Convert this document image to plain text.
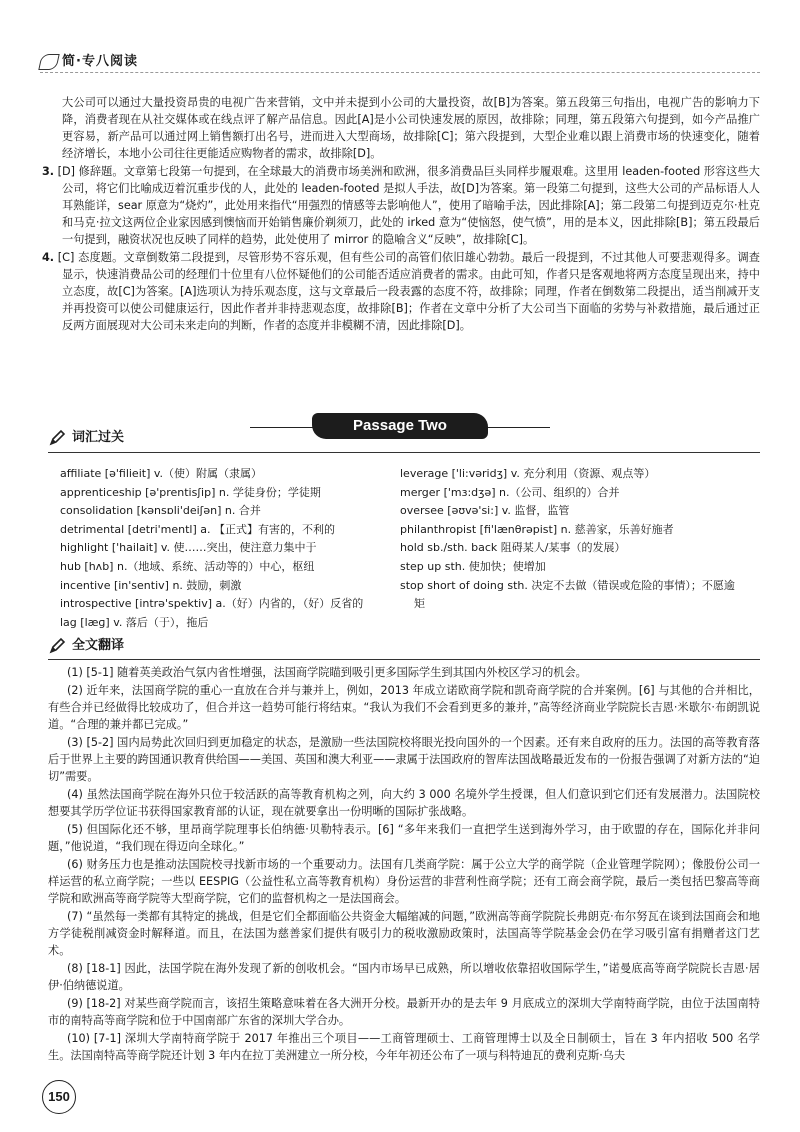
简·专八阅读

大公司可以通过大量投资昂贵的电视广告来营销，文中并未提到小公司的大量投资，故[B]为答案。第五段第三句指出，电视广告的影响力下降，消费者现在从社交媒体或在线点评了解产品信息。因此[A]是小公司快速发展的原因，故排除；同理，第五段第六句提到，如今产品推广更容易，新产品可以通过网上销售额打出名号，进而进入大型商场，故排除[C]；第六段提到，大型企业难以跟上消费市场的快速变化，随着经济增长，本地小公司往往更能适应购物者的需求，故排除[D]。

3. [D] 修辞题。文章第七段第一句提到，在全球最大的消费市场美洲和欧洲，很多消费品巨头同样步履艰难。这里用 leaden-footed 形容这些大公司，将它们比喻成迈着沉重步伐的人，此处的 leaden-footed 是拟人手法，故[D]为答案。第一段第二句提到，这些大公司的产品标语人人耳熟能详，sear 原意为“烧灼”，此处用来指代“用强烈的情感等去影响他人”，使用了暗喻手法，因此排除[A]；第二段第二句提到迈克尔·杜克和马克·拉文这两位企业家因感到懊恼而开始销售廉价剃须刀，此处的 irked 意为“使恼怒，使气愤”，用的是本义，因此排除[B]；第五段最后一句提到，融资状况也反映了同样的趋势，此处使用了 mirror 的隐喻含义“反映”，故排除[C]。

4. [C] 态度题。文章倒数第二段提到，尽管形势不容乐观，但有些公司的高管们依旧雄心勃勃。最后一段提到，不过其他人可要悲观得多。调查显示，快速消费品公司的经理们十位里有八位怀疑他们的公司能否适应消费者的需求。由此可知，作者只是客观地将两方态度呈现出来，持中立态度，故[C]为答案。[A]选项认为持乐观态度，这与文章最后一段表露的态度不符，故排除；同理，作者在倒数第二段提出，适当削减开支并再投资可以使公司健康运行，因此作者并非持悲观态度，故排除[B]；作者在文章中分析了大公司当下面临的劣势与补救措施，最后通过正反两方面展现对大公司未来走向的判断，作者的态度并非模糊不清，因此排除[D]。

Passage Two
词汇过关
affiliate [ə'filieit] v.（使）附属（隶属）
apprenticeship [ə'prentisʃip] n. 学徒身份；学徒期
consolidation [kənsɒli'deiʃən] n. 合并
detrimental [detri'mentl] a. 【正式】有害的，不利的
highlight ['hailait] v. 使……突出，使注意力集中于
hub [hʌb] n.（地域、系统、活动等的）中心，枢纽
incentive [in'sentiv] n. 鼓励，刺激
introspective [intrə'spektiv] a.（好）内省的，（好）反省的
lag [læɡ] v. 落后（于），拖后
leverage ['li:vəridʒ] v. 充分利用（资源、观点等）
merger ['mɜ:dʒə] n.（公司、组织的）合并
oversee [əʊvə'si:] v. 监督，监管
philanthropist [fi'lænθrəpist] n. 慈善家，乐善好施者
hold sb./sth. back 阻碍某人/某事（的发展）
step up sth. 使加快；使增加
stop short of doing sth. 决定不去做（错误或危险的事情）；不愿逾矩
全文翻译

(1) [5-1] 随着英美政治气氛内省性增强，法国商学院瞄到吸引更多国际学生到其国内外校区学习的机会。

(2) 近年来，法国商学院的重心一直放在合并与兼并上，例如，2013 年成立诺欧商学院和凯奇商学院的合并案例。[6] 与其他的合并相比，有些合并已经做得比较成功了，但合并这一趋势可能行将结束。“我认为我们不会看到更多的兼并，”高等经济商业学院院长吉恩·米歇尔·布朗凯说道。“合理的兼并都已完成。”

(3) [5-2] 国内局势此次回归到更加稳定的状态，是激励一些法国院校将眼光投向国外的一个因素。还有来自政府的压力。法国的高等教育落后于世界上主要的跨国通识教育供给国——美国、英国和澳大利亚——隶属于法国政府的智库法国战略最近发布的一份报告强调了对新方法的“迫切”需要。

(4) 虽然法国商学院在海外只位于较活跃的高等教育机构之列，向大约 3 000 名境外学生授课，但人们意识到它们还有发展潜力。法国院校想要其学历学位证书获得国家教育部的认证，现在就要拿出一份明晰的国际扩张战略。

(5) 但国际化还不够，里昂商学院理事长伯纳德·贝勒特表示。[6] “多年来我们一直把学生送到海外学习，由于欧盟的存在，国际化并非问题，”他说道，“我们现在得迈向全球化。”

(6) 财务压力也是推动法国院校寻找新市场的一个重要动力。法国有几类商学院：属于公立大学的商学院（企业管理学院网）；像股份公司一样运营的私立商学院；一些以 EESPIG（公益性私立高等教育机构）身份运营的非营利性商学院；还有工商会商学院，最后一类包括巴黎高等商学院和欧洲高等商学院等大型商学院，它们的监督机构之一是法国商会。

(7) “虽然每一类都有其特定的挑战，但是它们全都面临公共资金大幅缩减的问题，”欧洲高等商学院院长弗朗克·布尔努瓦在谈到法国商会和地方学徒税削减资金时解释道。而且，在法国为慈善家们提供有吸引力的税收激励政策时，法国高等学院基金会仍在学习吸引富有捐赠者这门艺术。

(8) [18-1] 因此，法国学院在海外发现了新的创收机会。“国内市场早已成熟，所以增收依靠招收国际学生，”诺曼底高等商学院院长吉恩·居伊·伯纳德说道。

(9) [18-2] 对某些商学院而言，该招生策略意味着在各大洲开分校。最新开办的是去年 9 月底成立的深圳大学南特商学院，由位于法国南特市的南特高等商学院和位于中国南部广东省的深圳大学合办。

(10) [7-1] 深圳大学南特商学院于 2017 年推出三个项目——工商管理硕士、工商管理博士以及全日制硕士，旨在 3 年内招收 500 名学生。法国南特高等商学院还计划 3 年内在拉丁美洲建立一所分校，今年年初还公布了一项与科特迪瓦的费利克斯·乌夫

150
